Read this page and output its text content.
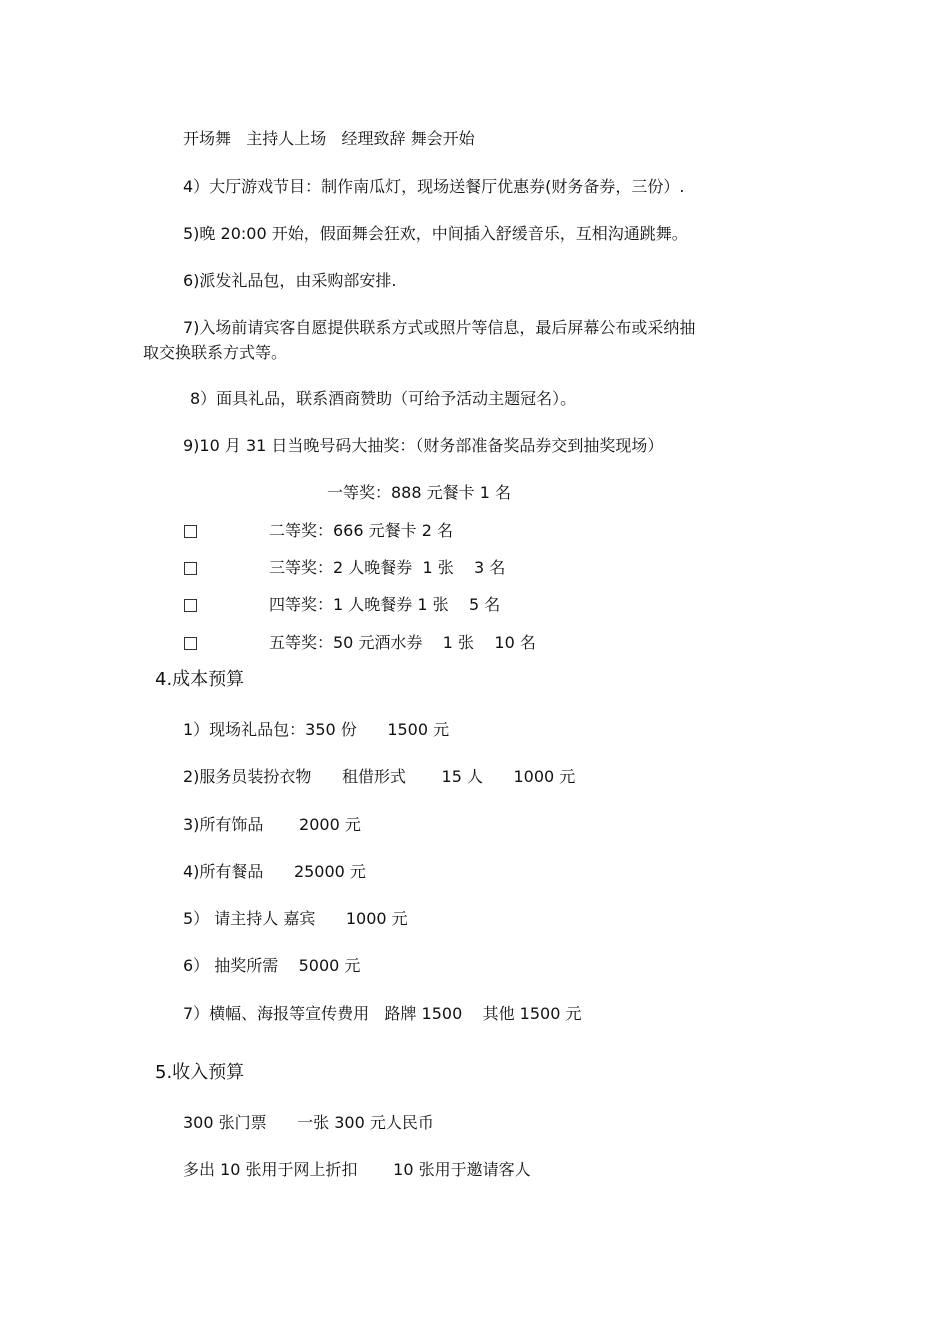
开场舞   主持人上场   经理致辞 舞会开始
4）大厅游戏节目：制作南瓜灯，现场送餐厅优惠券(财务备券，三份）.
5)晚 20:00 开始，假面舞会狂欢，中间插入舒缓音乐，互相沟通跳舞。
6)派发礼品包，由采购部安排.
7)入场前请宾客自愿提供联系方式或照片等信息，最后屏幕公布或采纳抽
取交换联系方式等。
8）面具礼品，联系酒商赞助（可给予活动主题冠名）。
9)10 月 31 日当晚号码大抽奖：（财务部准备奖品券交到抽奖现场）
一等奖：888 元餐卡 1 名
二等奖：666 元餐卡 2 名
三等奖：2 人晚餐券  1 张    3 名
四等奖：1 人晚餐券 1 张    5 名
五等奖：50 元酒水券    1 张    10 名
4.成本预算
1）现场礼品包：350 份      1500 元
2)服务员装扮衣物      租借形式       15 人      1000 元
3)所有饰品       2000 元
4)所有餐品      25000 元
5） 请主持人 嘉宾      1000 元
6） 抽奖所需    5000 元
7）横幅、海报等宣传费用   路牌 1500    其他 1500 元
5.收入预算
300 张门票      一张 300 元人民币
多出 10 张用于网上折扣       10 张用于邀请客人
